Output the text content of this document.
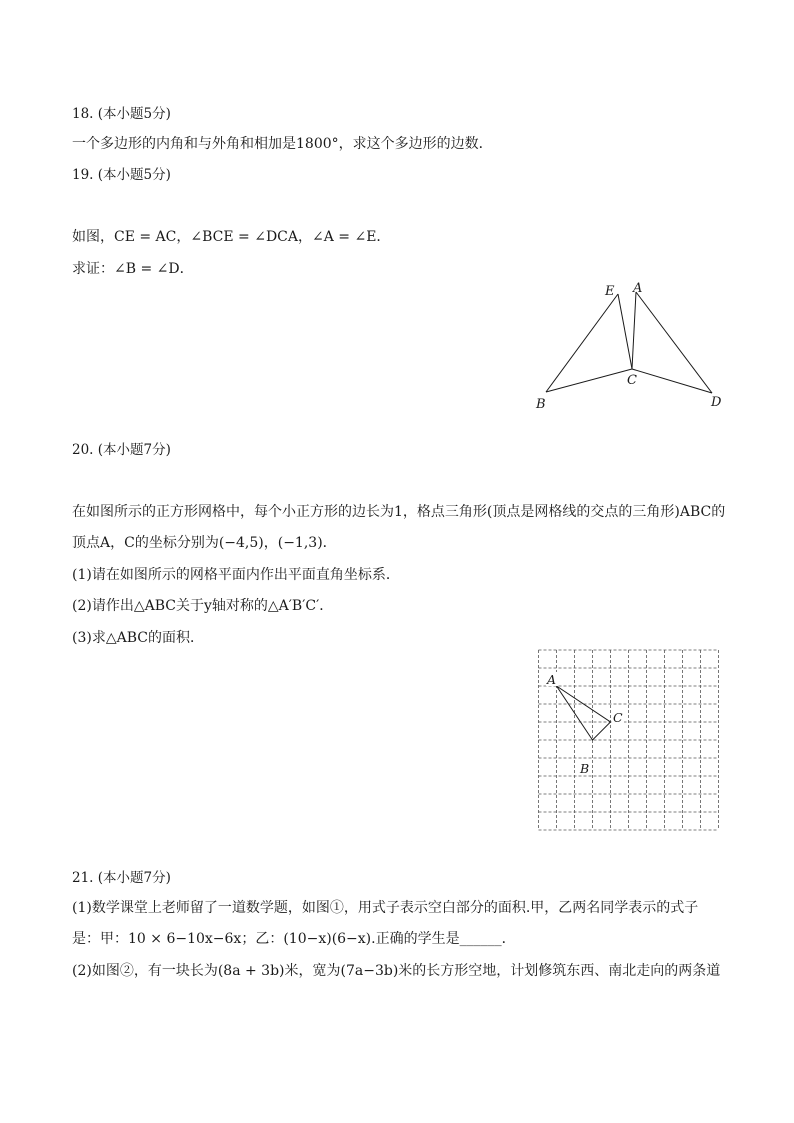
18. (本小题5分)
一个多边形的内角和与外角和相加是1800°，求这个多边形的边数．
19. (本小题5分)
如图，CE = AC，∠BCE = ∠DCA，∠A = ∠E．
求证：∠B = ∠D．
E A
C
B	D
20. (本小题7分)
在如图所示的正方形网格中，每个小正方形的边长为1，格点三角形(顶点是网格线的交点的三角形)ABC的
顶点A，C的坐标分别为(−4,5)，(−1,3)．
(1)请在如图所示的网格平面内作出平面直角坐标系．
(2)请作出△ABC关于y轴对称的△A′B′C′．
(3)求△ABC的面积．
A
C
B
21. (本小题7分)
(1)数学课堂上老师留了一道数学题，如图①，用式子表示空白部分的面积.甲，乙两名同学表示的式子
是：甲：10 × 6−10x−6x；乙：(10−x)(6−x).正确的学生是______．
(2)如图②，有一块长为(8a + 3b)米，宽为(7a−3b)米的长方形空地，计划修筑东西、南北走向的两条道
